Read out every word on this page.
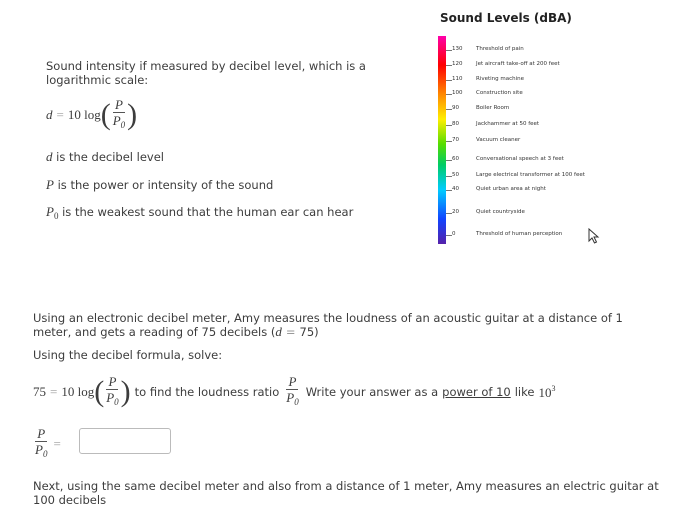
Sound Levels (dBA)
130 Threshold of pain
120 Jet aircraft take-off at 200 feet
110 Riveting machine
100 Construction site
90	Boiler Room
80	Jackhammer at 50 feet
70	Vacuum cleaner
60	Conversational speech at 3 feet
50	Large electrical transformer at 100 feet
40	Quiet urban area at night
20	Quiet countryside
0	Threshold of human perception
Sound intensity if measured by decibel level, which is a
logarithmic scale:
d = 10 log ( $\frac{P}{P_0}$ )
d is the decibel level
P is the power or intensity of the sound
$P_0$ is the weakest sound that the human ear can hear
Using an electronic decibel meter, Amy measures the loudness of an acoustic guitar at a distance of 1
meter, and gets a reading of 75 decibels (d = 75)
Using the decibel formula, solve:
75 = 10 log ( $\frac{P}{P_0}$ ) to find the loudness ratio $\frac{P}{P_0}$ Write your answer as a power of 10 like $10^3$
$\frac{P}{P_0}$ =
Next, using the same decibel meter and also from a distance of 1 meter, Amy measures an electric guitar at
100 decibels
